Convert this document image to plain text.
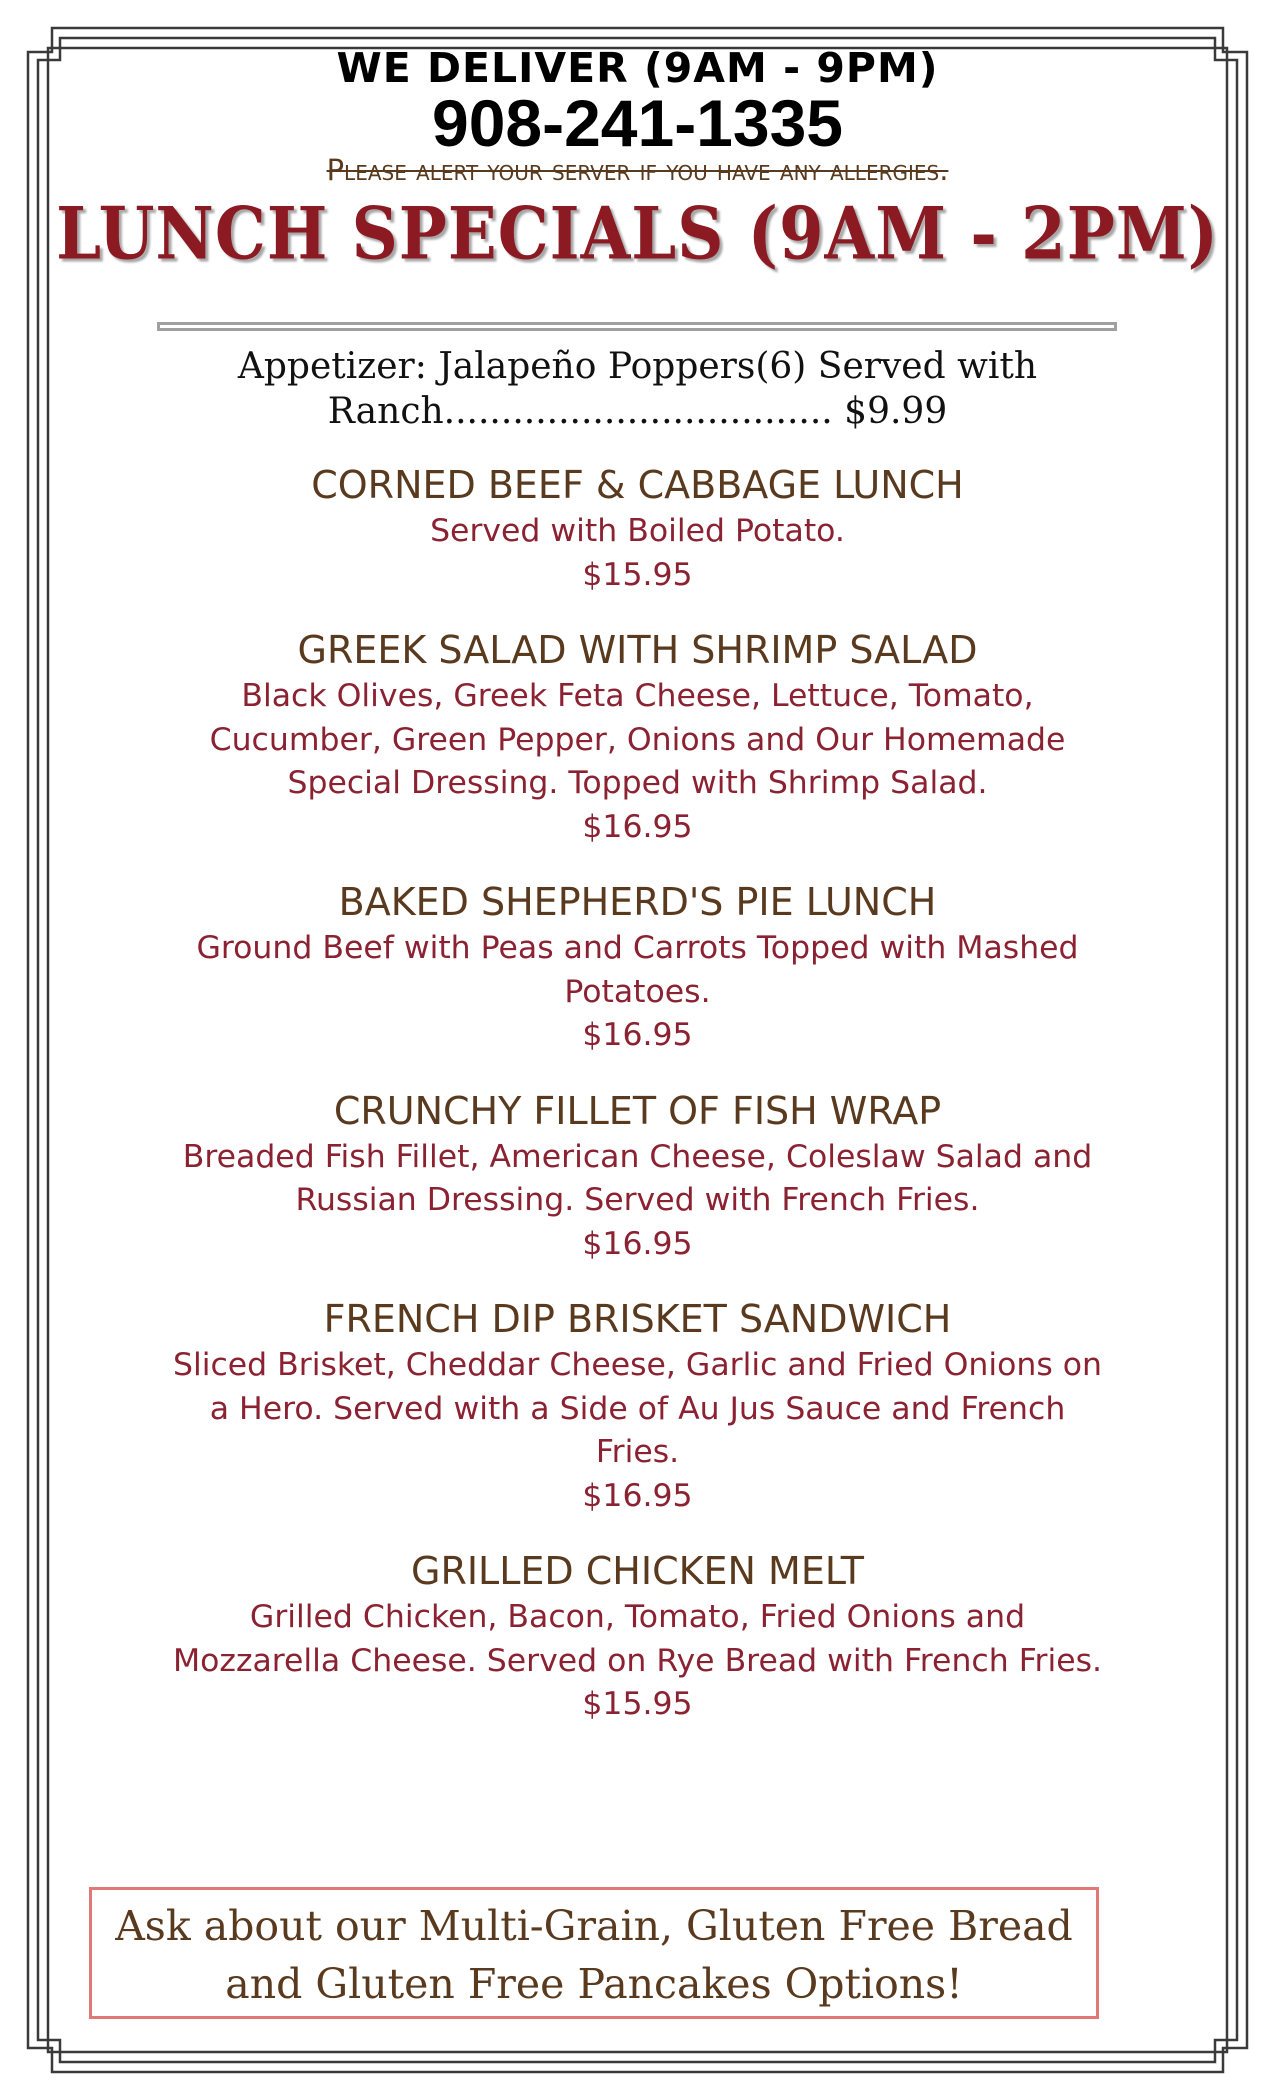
WE DELIVER (9AM - 9PM)
908-241-1335
Please alert your server if you have any allergies.
LUNCH SPECIALS (9AM - 2PM)
Appetizer: Jalapeño Poppers(6) Served with Ranch.................................. $9.99
CORNED BEEF & CABBAGE LUNCH
Served with Boiled Potato.
$15.95
GREEK SALAD WITH SHRIMP SALAD
Black Olives, Greek Feta Cheese, Lettuce, Tomato, Cucumber, Green Pepper, Onions and Our Homemade Special Dressing. Topped with Shrimp Salad.
$16.95
BAKED SHEPHERD'S PIE LUNCH
Ground Beef with Peas and Carrots Topped with Mashed Potatoes.
$16.95
CRUNCHY FILLET OF FISH WRAP
Breaded Fish Fillet, American Cheese, Coleslaw Salad and Russian Dressing. Served with French Fries.
$16.95
FRENCH DIP BRISKET SANDWICH
Sliced Brisket, Cheddar Cheese, Garlic and Fried Onions on a Hero. Served with a Side of Au Jus Sauce and French Fries.
$16.95
GRILLED CHICKEN MELT
Grilled Chicken, Bacon, Tomato, Fried Onions and Mozzarella Cheese. Served on Rye Bread with French Fries.
$15.95
Ask about our Multi-Grain, Gluten Free Bread and Gluten Free Pancakes Options!
